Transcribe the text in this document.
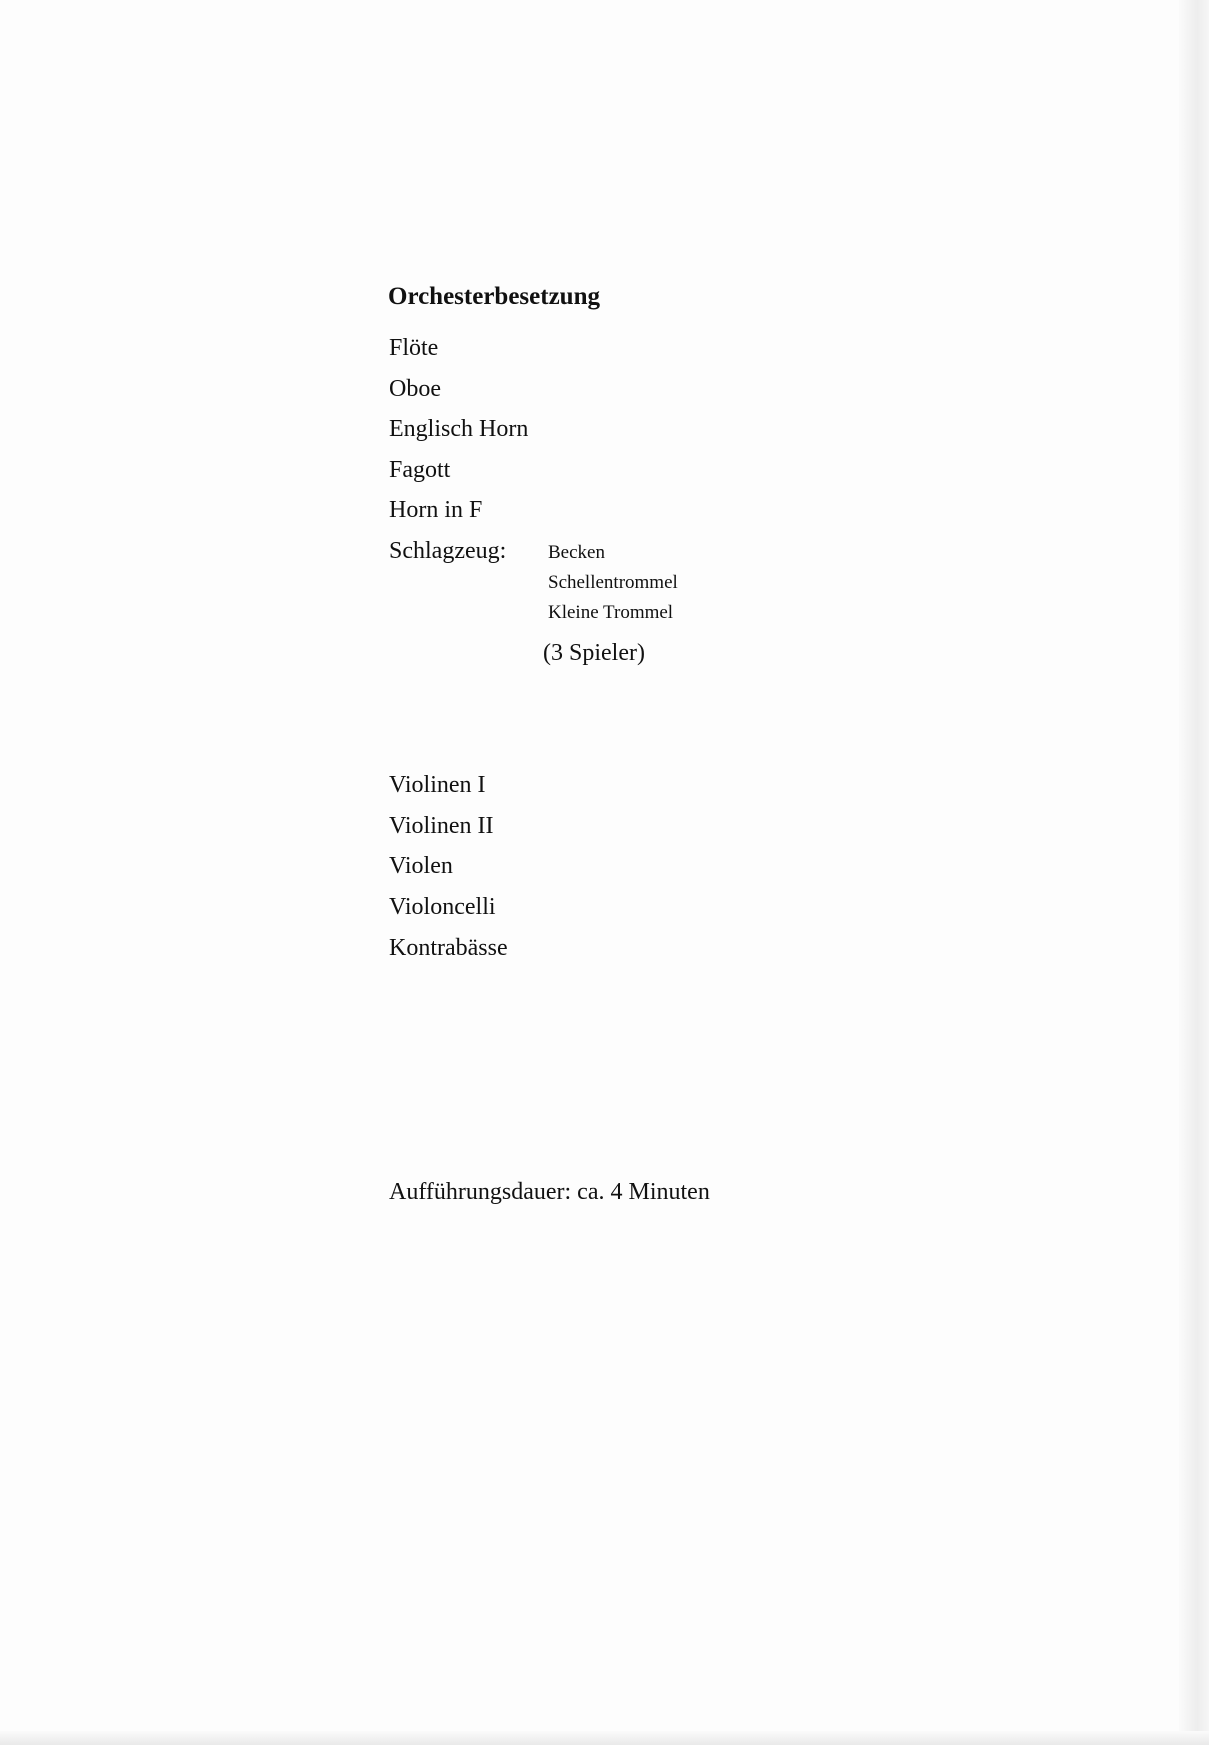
Orchesterbesetzung
Flöte
Oboe
Englisch Horn
Fagott
Horn in F
Schlagzeug: Becken
Schellentrommel
Kleine Trommel
(3 Spieler)
Violinen I
Violinen II
Violen
Violoncelli
Kontrabässe
Aufführungsdauer: ca. 4 Minuten
